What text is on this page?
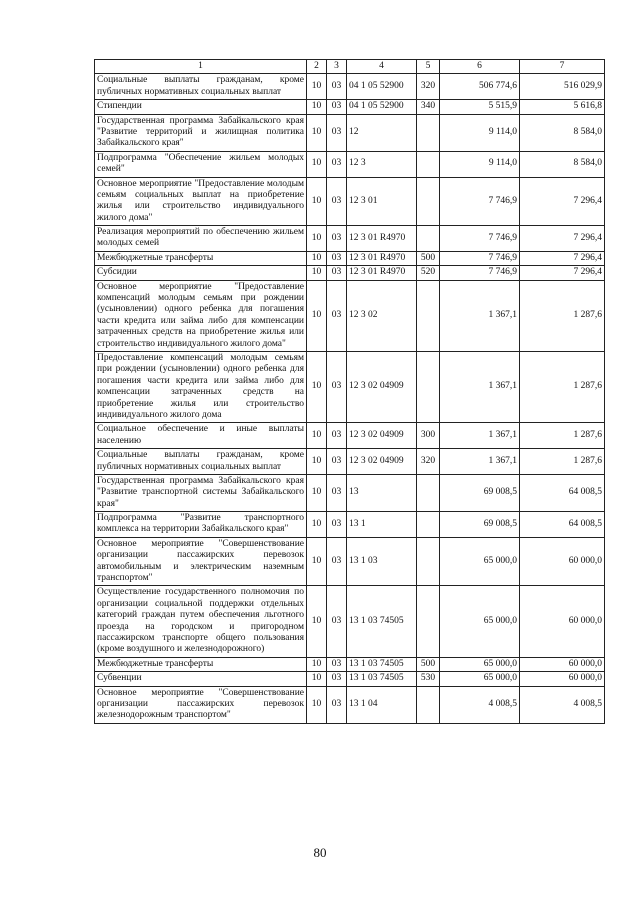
1	2	3	4	5	6	7
Социальные выплаты гражданам, кроме публичных нормативных социальных выплат	10	03	04 1 05 52900	320	506 774,6	516 029,9
Стипендии	10	03	04 1 05 52900	340	5 515,9	5 616,8
Государственная программа Забайкальского края "Развитие территорий и жилищная политика Забайкальского края"	10	03	12		9 114,0	8 584,0
Подпрограмма "Обеспечение жильем молодых семей"	10	03	12 3		9 114,0	8 584,0
Основное мероприятие "Предоставление молодым семьям социальных выплат на приобретение жилья или строительство индивидуального жилого дома"	10	03	12 3 01		7 746,9	7 296,4
Реализация мероприятий по обеспечению жильем молодых семей	10	03	12 3 01 R4970		7 746,9	7 296,4
Межбюджетные трансферты	10	03	12 3 01 R4970	500	7 746,9	7 296,4
Субсидии	10	03	12 3 01 R4970	520	7 746,9	7 296,4
Основное мероприятие "Предоставление компенсаций молодым семьям при рождении (усыновлении) одного ребенка для погашения части кредита или займа либо для компенсации затраченных средств на приобретение жилья или строительство индивидуального жилого дома"	10	03	12 3 02		1 367,1	1 287,6
Предоставление компенсаций молодым семьям при рождении (усыновлении) одного ребенка для погашения части кредита или займа либо для компенсации затраченных средств на приобретение жилья или строительство индивидуального жилого дома	10	03	12 3 02 04909		1 367,1	1 287,6
Социальное обеспечение и иные выплаты населению	10	03	12 3 02 04909	300	1 367,1	1 287,6
Социальные выплаты гражданам, кроме публичных нормативных социальных выплат	10	03	12 3 02 04909	320	1 367,1	1 287,6
Государственная программа Забайкальского края "Развитие транспортной системы Забайкальского края"	10	03	13		69 008,5	64 008,5
Подпрограмма "Развитие транспортного комплекса на территории Забайкальского края"	10	03	13 1		69 008,5	64 008,5
Основное мероприятие "Совершенствование организации пассажирских перевозок автомобильным и электрическим наземным транспортом"	10	03	13 1 03		65 000,0	60 000,0
Осуществление государственного полномочия по организации социальной поддержки отдельных категорий граждан путем обеспечения льготного проезда на городском и пригородном пассажирском транспорте общего пользования (кроме воздушного и железнодорожного)	10	03	13 1 03 74505		65 000,0	60 000,0
Межбюджетные трансферты	10	03	13 1 03 74505	500	65 000,0	60 000,0
Субвенции	10	03	13 1 03 74505	530	65 000,0	60 000,0
Основное мероприятие "Совершенствование организации пассажирских перевозок железнодорожным транспортом"	10	03	13 1 04		4 008,5	4 008,5
80
